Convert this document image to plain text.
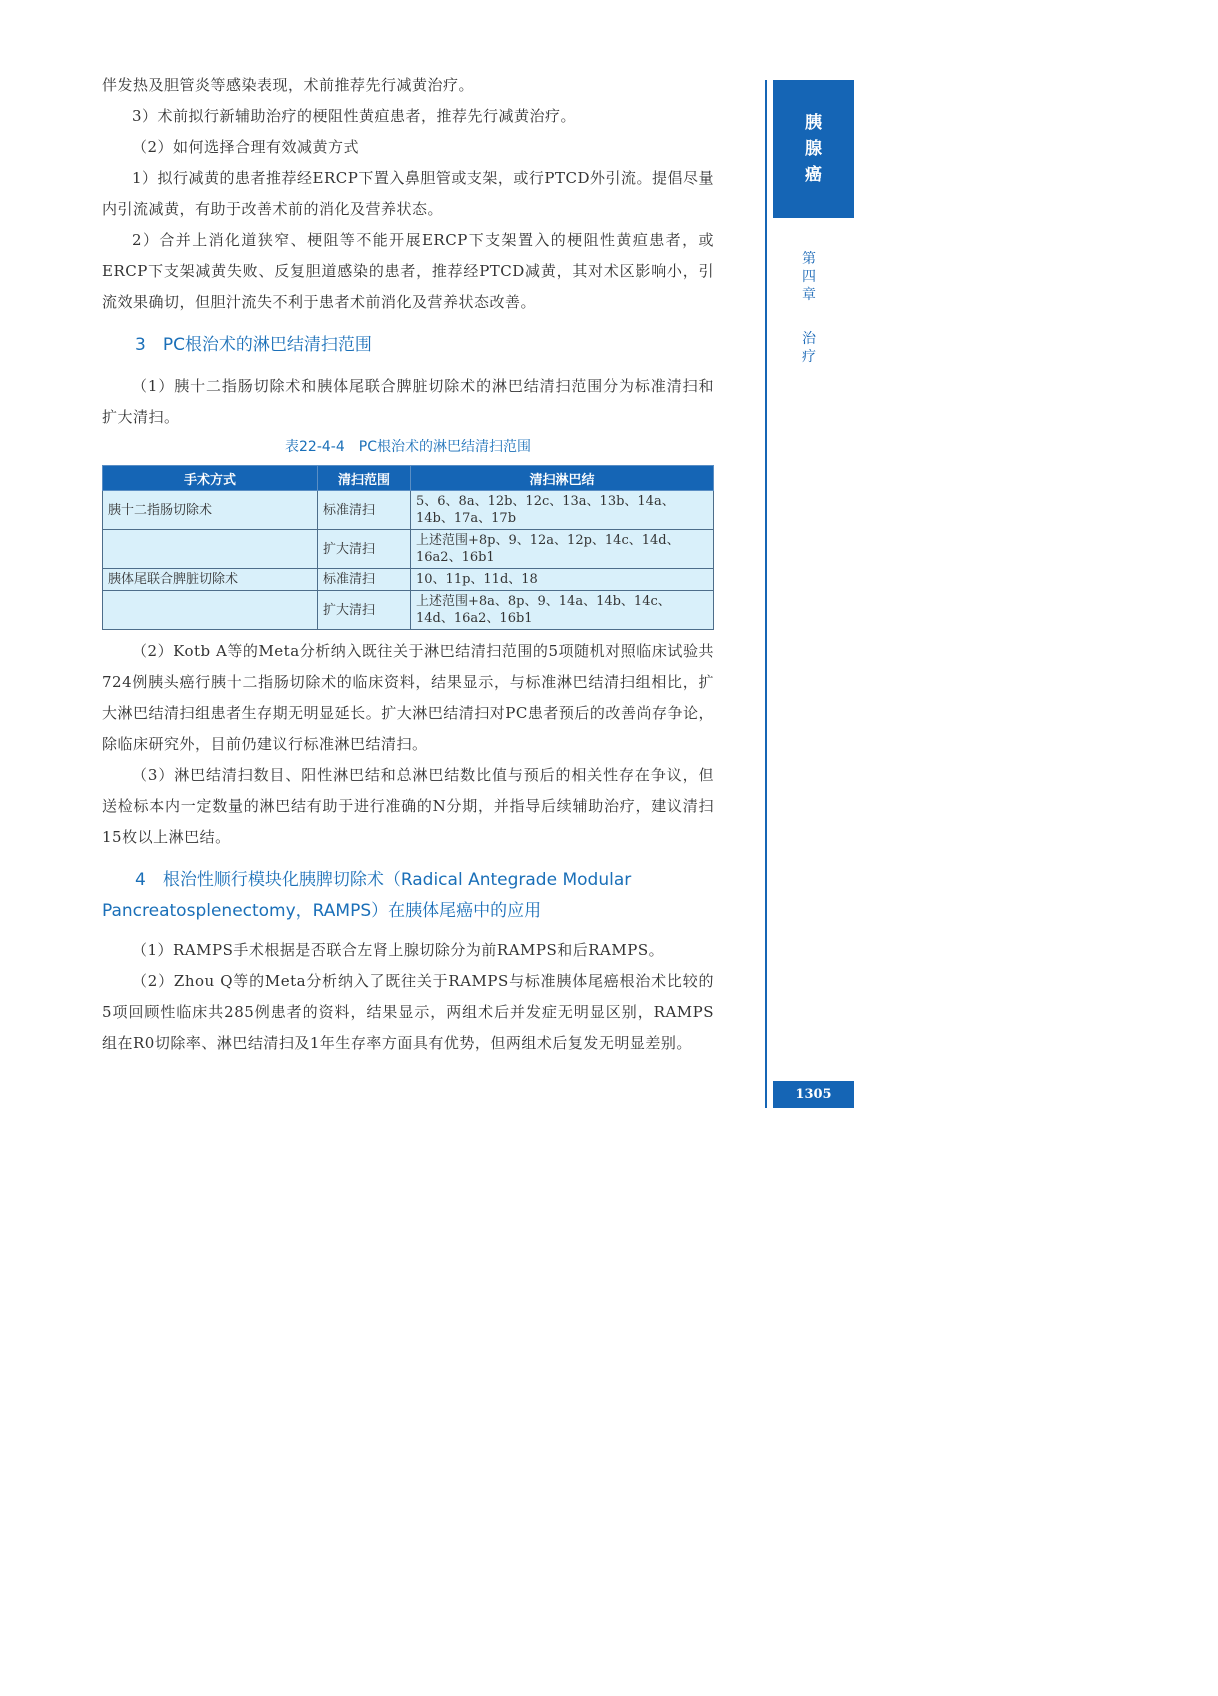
伴发热及胆管炎等感染表现，术前推荐先行减黄治疗。

3）术前拟行新辅助治疗的梗阻性黄疸患者，推荐先行减黄治疗。

（2）如何选择合理有效减黄方式

1）拟行减黄的患者推荐经ERCP下置入鼻胆管或支架，或行PTCD外引流。提倡尽量内引流减黄，有助于改善术前的消化及营养状态。

2）合并上消化道狭窄、梗阻等不能开展ERCP下支架置入的梗阻性黄疸患者，或ERCP下支架减黄失败、反复胆道感染的患者，推荐经PTCD减黄，其对术区影响小，引流效果确切，但胆汁流失不利于患者术前消化及营养状态改善。

3　PC根治术的淋巴结清扫范围

（1）胰十二指肠切除术和胰体尾联合脾脏切除术的淋巴结清扫范围分为标准清扫和扩大清扫。

表22-4-4　PC根治术的淋巴结清扫范围

手术方式	清扫范围	清扫淋巴结
胰十二指肠切除术	标准清扫	5、6、8a、12b、12c、13a、13b、14a、14b、17a、17b
	扩大清扫	上述范围+8p、9、12a、12p、14c、14d、16a2、16b1
胰体尾联合脾脏切除术	标准清扫	10、11p、11d、18
	扩大清扫	上述范围+8a、8p、9、14a、14b、14c、14d、16a2、16b1

（2）Kotb A等的Meta分析纳入既往关于淋巴结清扫范围的5项随机对照临床试验共724例胰头癌行胰十二指肠切除术的临床资料，结果显示，与标准淋巴结清扫组相比，扩大淋巴结清扫组患者生存期无明显延长。扩大淋巴结清扫对PC患者预后的改善尚存争论，除临床研究外，目前仍建议行标准淋巴结清扫。

（3）淋巴结清扫数目、阳性淋巴结和总淋巴结数比值与预后的相关性存在争议，但送检标本内一定数量的淋巴结有助于进行准确的N分期，并指导后续辅助治疗，建议清扫15枚以上淋巴结。

4　根治性顺行模块化胰脾切除术（Radical Antegrade Modular Pancreatosplenectomy，RAMPS）在胰体尾癌中的应用

（1）RAMPS手术根据是否联合左肾上腺切除分为前RAMPS和后RAMPS。

（2）Zhou Q等的Meta分析纳入了既往关于RAMPS与标准胰体尾癌根治术比较的5项回顾性临床共285例患者的资料，结果显示，两组术后并发症无明显区别，RAMPS组在R0切除率、淋巴结清扫及1年生存率方面具有优势，但两组术后复发无明显差别。

胰
腺
癌
第
四
章
治
疗
1305
